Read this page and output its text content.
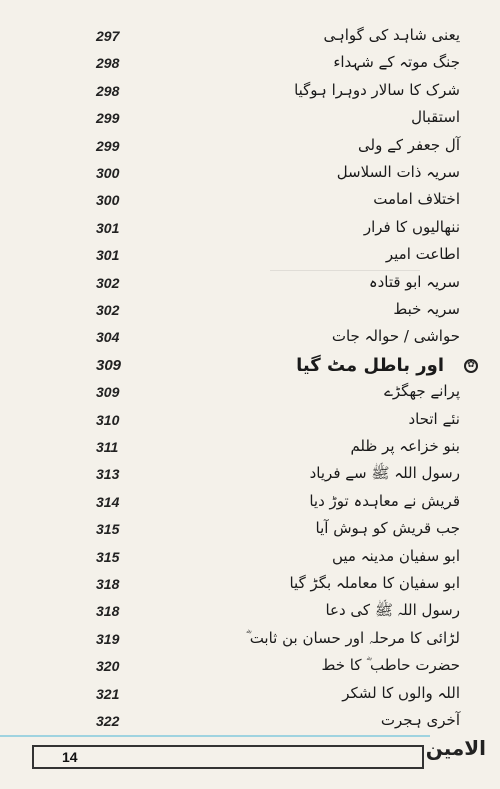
297	یعنی شاہد کی گواہی
298	جنگ موتہ کے شہداء
298	شرک کا سالار دوہرا ہوگیا
299	استقبال
299	آل جعفر کے ولی
300	سریہ ذات السلاسل
300	اختلاف امامت
301	ننھالیوں کا فرار
301	اطاعت امیر
302	سریہ ابو قتادہ
302	سریہ خبط
304	حواشی / حوالہ جات
309	اور باطل مٹ گیا	✿
309	پرانے جھگڑے
310	نئے اتحاد
311	بنو خزاعہ پر ظلم
313	رسول اللہ ﷺ سے فریاد
314	قریش نے معاہدہ توڑ دیا
315	جب قریش کو ہوش آیا
315	ابو سفیان مدینہ میں
318	ابو سفیان کا معاملہ بگڑ گیا
318	رسول اللہ ﷺ کی دعا
319	لڑائی کا مرحلہ اور حسان بن ثابت ؓ
320	حضرت حاطب ؓ کا خط
321	اللہ والوں کا لشکر
322	آخری ہجرت
14	الامین
